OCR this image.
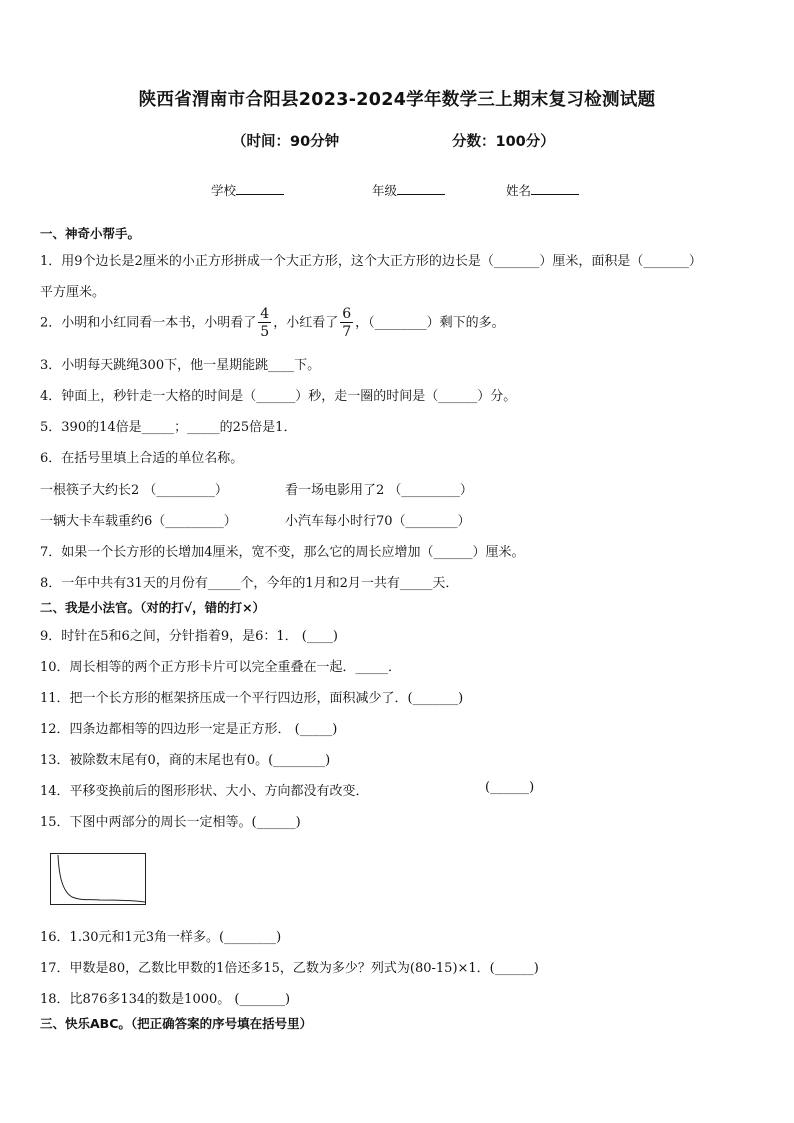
陕西省渭南市合阳县2023-2024学年数学三上期末复习检测试题
（时间：90分钟	分数：100分）
学校	年级	姓名
一、神奇小帮手。
1．用9个边长是2厘米的小正方形拼成一个大正方形，这个大正方形的边长是（_______）厘米，面积是（_______）
平方厘米。
2．小明和小红同看一本书，小明看了 $\frac{4}{5}$ ，小红看了 $\frac{6}{7}$ ，（________）剩下的多。
3．小明每天跳绳300下，他一星期能跳____下。
4．钟面上，秒针走一大格的时间是（______）秒，走一圈的时间是（______）分。
5．390的14倍是_____；_____的25倍是1．
6．在括号里填上合适的单位名称。
一根筷子大约长2 （_________）	看一场电影用了2 （_________）
一辆大卡车载重约6（_________）	小汽车每小时行70（________）
7．如果一个长方形的长增加4厘米，宽不变，那么它的周长应增加（______）厘米。
8．一年中共有31天的月份有_____个，今年的1月和2月一共有_____天．
二、我是小法官。（对的打√，错的打×）
9．时针在5和6之间，分针指着9，是6：1． (____)
10．周长相等的两个正方形卡片可以完全重叠在一起．_____．
11．把一个长方形的框架挤压成一个平行四边形，面积减少了．(_______)
12．四条边都相等的四边形一定是正方形． (_____)
13．被除数末尾有0，商的末尾也有0。(________)
14．平移变换前后的图形形状、大小、方向都没有改变．	(______)
15．下图中两部分的周长一定相等。(______)
16．1.30元和1元3角一样多。(________)
17．甲数是80，乙数比甲数的1倍还多15，乙数为多少？列式为(80-15)×1．(______)
18．比876多134的数是1000。 (_______)
三、快乐ABC。（把正确答案的序号填在括号里）
